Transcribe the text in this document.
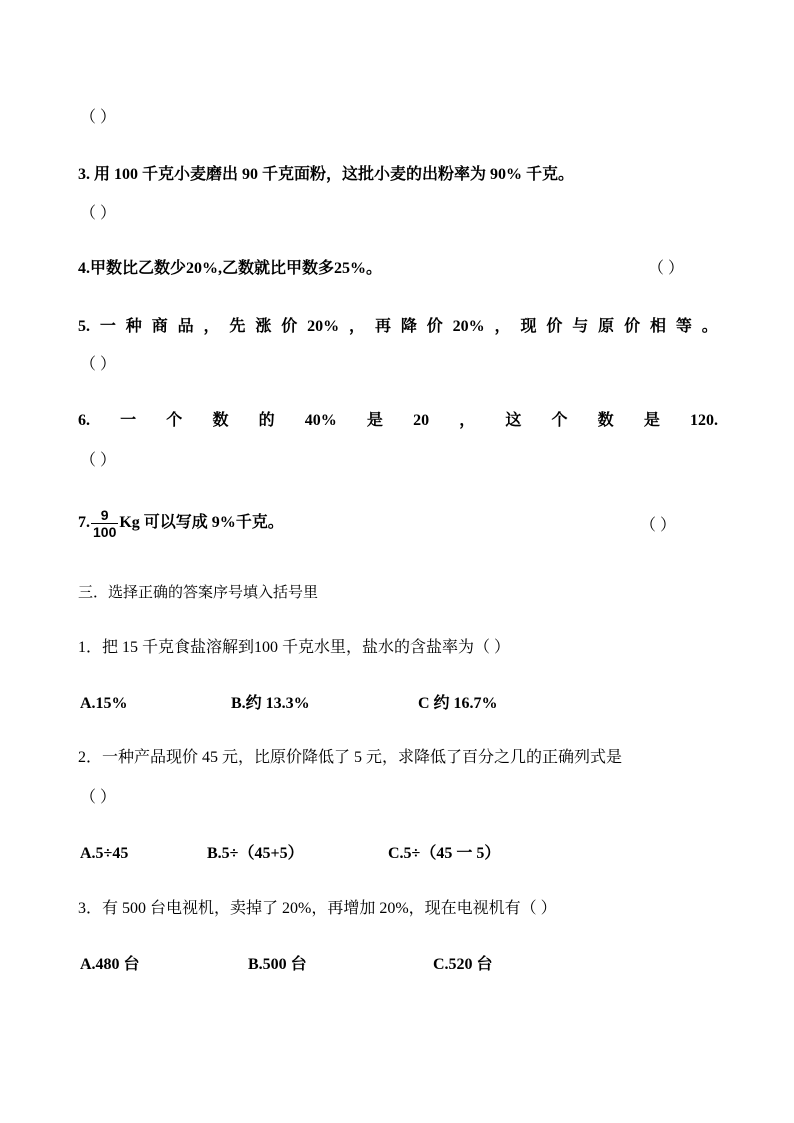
（ ）
3. 用 100 千克小麦磨出 90 千克面粉，这批小麦的出粉率为 90% 千克。
（ ）
4.甲数比乙数少20%,乙数就比甲数多25%。	（ ）
5. 一 种 商 品 ， 先 涨 价 20% ， 再 降 价 20% ， 现 价 与 原 价 相 等 。
（ ）
6. 一 个 数 的 40% 是 20 ， 这 个 数 是 120.
（ ）
7. $\frac{9}{100}$ Kg 可以写成 9%千克。	（ ）
三．选择正确的答案序号填入括号里
1．把 15 千克食盐溶解到100 千克水里，盐水的含盐率为（ ）
A.15%	B.约 13.3%	C 约 16.7%
2．一种产品现价 45 元，比原价降低了 5 元，求降低了百分之几的正确列式是
（ ）
A.5÷45	B.5÷（45+5）	C.5÷（45 一 5）
3．有 500 台电视机，卖掉了 20%，再增加 20%，现在电视机有（ ）
A.480 台	B.500 台	C.520 台
